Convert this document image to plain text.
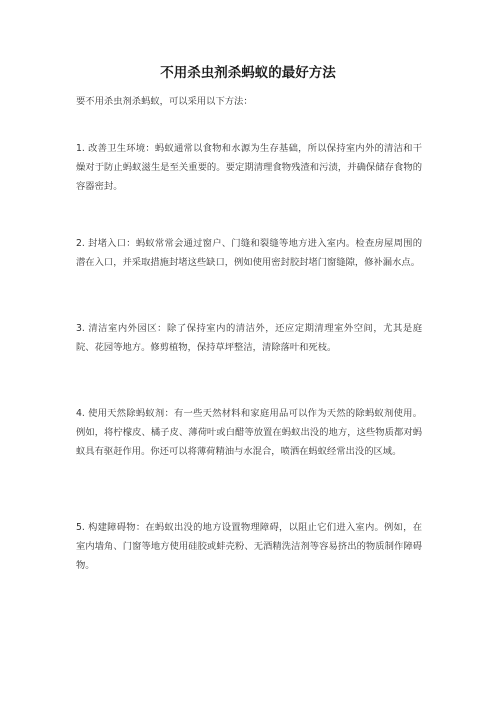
不用杀虫剂杀蚂蚁的最好方法
要不用杀虫剂杀蚂蚁，可以采用以下方法：
1. 改善卫生环境：蚂蚁通常以食物和水源为生存基础，所以保持室内外的清洁和干燥对于防止蚂蚁滋生是至关重要的。要定期清理食物残渣和污渍，并确保储存食物的容器密封。
2. 封堵入口：蚂蚁常常会通过窗户、门缝和裂缝等地方进入室内。检查房屋周围的潜在入口，并采取措施封堵这些缺口，例如使用密封胶封堵门窗缝隙，修补漏水点。
3. 清洁室内外园区：除了保持室内的清洁外，还应定期清理室外空间，尤其是庭院、花园等地方。修剪植物，保持草坪整洁，清除落叶和死枝。
4. 使用天然除蚂蚁剂：有一些天然材料和家庭用品可以作为天然的除蚂蚁剂使用。例如，将柠檬皮、橘子皮、薄荷叶或白醋等放置在蚂蚁出没的地方，这些物质都对蚂蚁具有驱赶作用。你还可以将薄荷精油与水混合，喷洒在蚂蚁经常出没的区域。
5. 构建障碍物：在蚂蚁出没的地方设置物理障碍，以阻止它们进入室内。例如，在室内墙角、门窗等地方使用硅胶或蚌壳粉、无酒精洗洁剂等容易挤出的物质制作障碍物。
